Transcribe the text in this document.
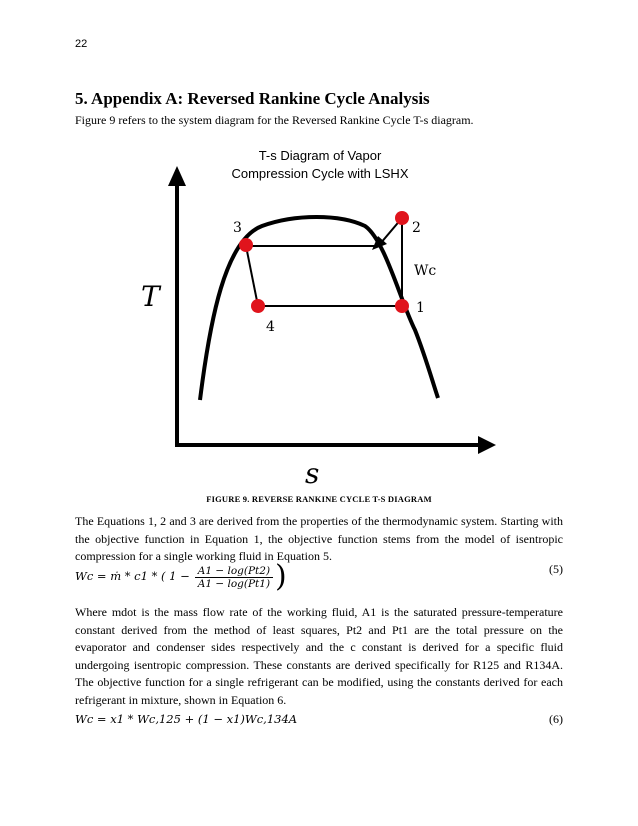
22
5. Appendix A: Reversed Rankine Cycle Analysis
Figure 9 refers to the system diagram for the Reversed Rankine Cycle T-s diagram.
T-s Diagram of Vapor
Compression Cycle with LSHX
T
s
3
4
1
2
Wc
FIGURE 9. REVERSE RANKINE CYCLE T-S DIAGRAM

The Equations 1, 2 and 3 are derived from the properties of the thermodynamic system. Starting with the objective function in Equation 1, the objective function stems from the model of isentropic compression for a single working fluid in Equation 5.

Wc = ṁ * c1 * ( $1 - \frac{A1 - \log(Pt2)}{A1 - \log(Pt1)}$ )	(5)

Where mdot is the mass flow rate of the working fluid, A1 is the saturated pressure-temperature constant derived from the method of least squares, Pt2 and Pt1 are the total pressure on the evaporator and condenser sides respectively and the c constant is derived for a specific fluid undergoing isentropic compression. These constants are derived specifically for R125 and R134A. The objective function for a single refrigerant can be modified, using the constants derived for each refrigerant in mixture, shown in Equation 6.

Wc = x1 * Wc,125 + (1 − x1)Wc,134A	(6)
